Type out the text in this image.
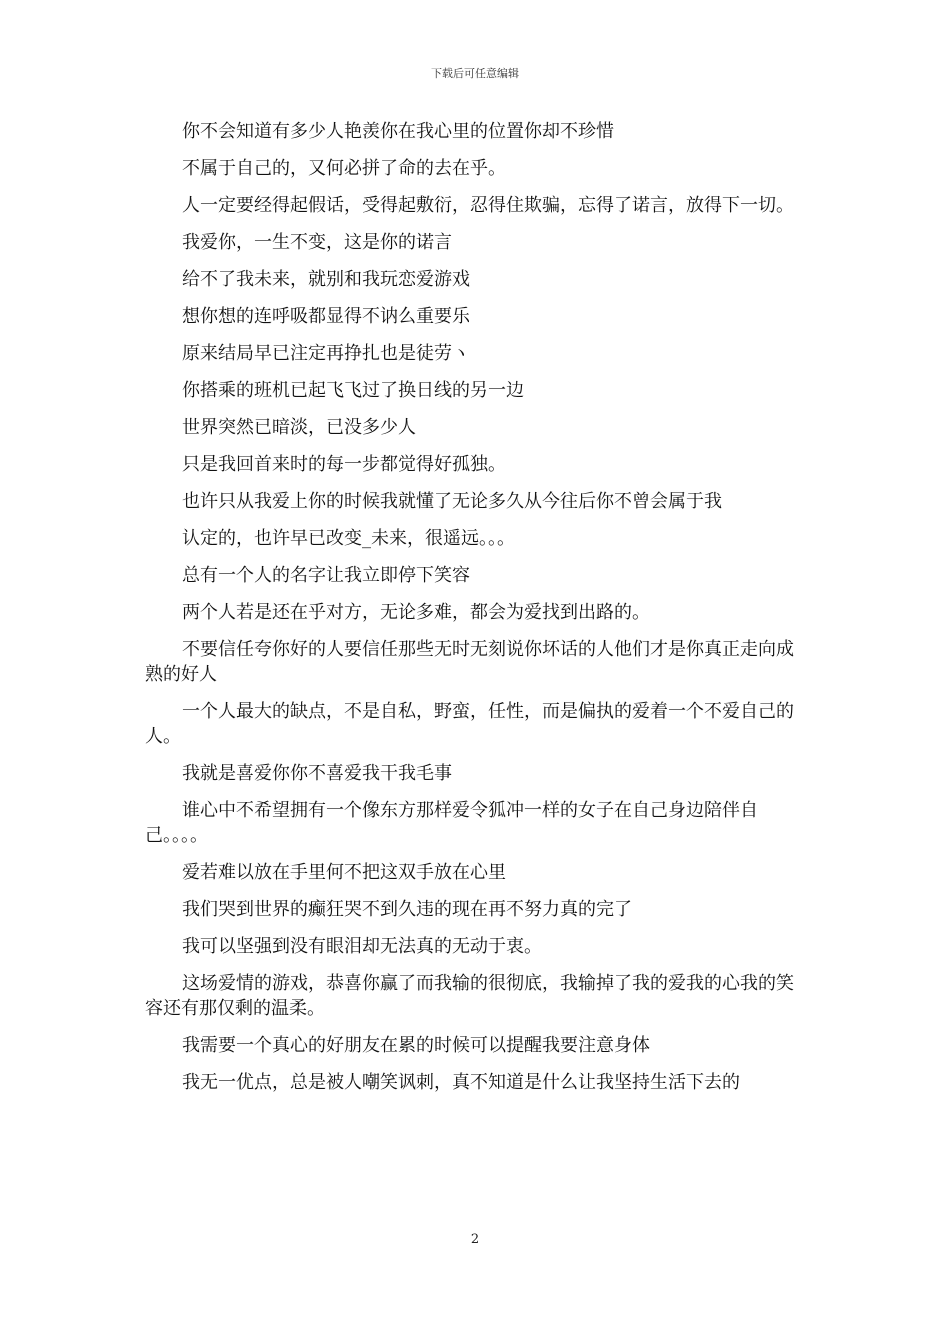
下载后可任意编辑

你不会知道有多少人艳羡你在我心里的位置你却不珍惜

不属于自己的，又何必拼了命的去在乎。

人一定要经得起假话，受得起敷衍，忍得住欺骗，忘得了诺言，放得下一切。

我爱你，一生不变，这是你的诺言

给不了我未来，就别和我玩恋爱游戏

想你想的连呼吸都显得不讷么重要乐

原来结局早已注定再挣扎也是徒劳ヽ

你搭乘的班机已起飞飞过了换日线的另一边

世界突然已暗淡，已没多少人

只是我回首来时的每一步都觉得好孤独。

也许只从我爱上你的时候我就懂了无论多久从今往后你不曾会属于我

认定的，也许早已改变_未来，很遥远。。。

总有一个人的名字让我立即停下笑容

两个人若是还在乎对方，无论多难，都会为爱找到出路的。

不要信任夸你好的人要信任那些无时无刻说你坏话的人他们才是你真正走向成熟的好人

一个人最大的缺点，不是自私，野蛮，任性，而是偏执的爱着一个不爱自己的人。

我就是喜爱你你不喜爱我干我毛事

谁心中不希望拥有一个像东方那样爱令狐冲一样的女子在自己身边陪伴自己。。。。

爱若难以放在手里何不把这双手放在心里

我们哭到世界的癫狂哭不到久违的现在再不努力真的完了

我可以坚强到没有眼泪却无法真的无动于衷。

这场爱情的游戏，恭喜你赢了而我输的很彻底，我输掉了我的爱我的心我的笑容还有那仅剩的温柔。

我需要一个真心的好朋友在累的时候可以提醒我要注意身体

我无一优点，总是被人嘲笑讽刺，真不知道是什么让我坚持生活下去的

2
